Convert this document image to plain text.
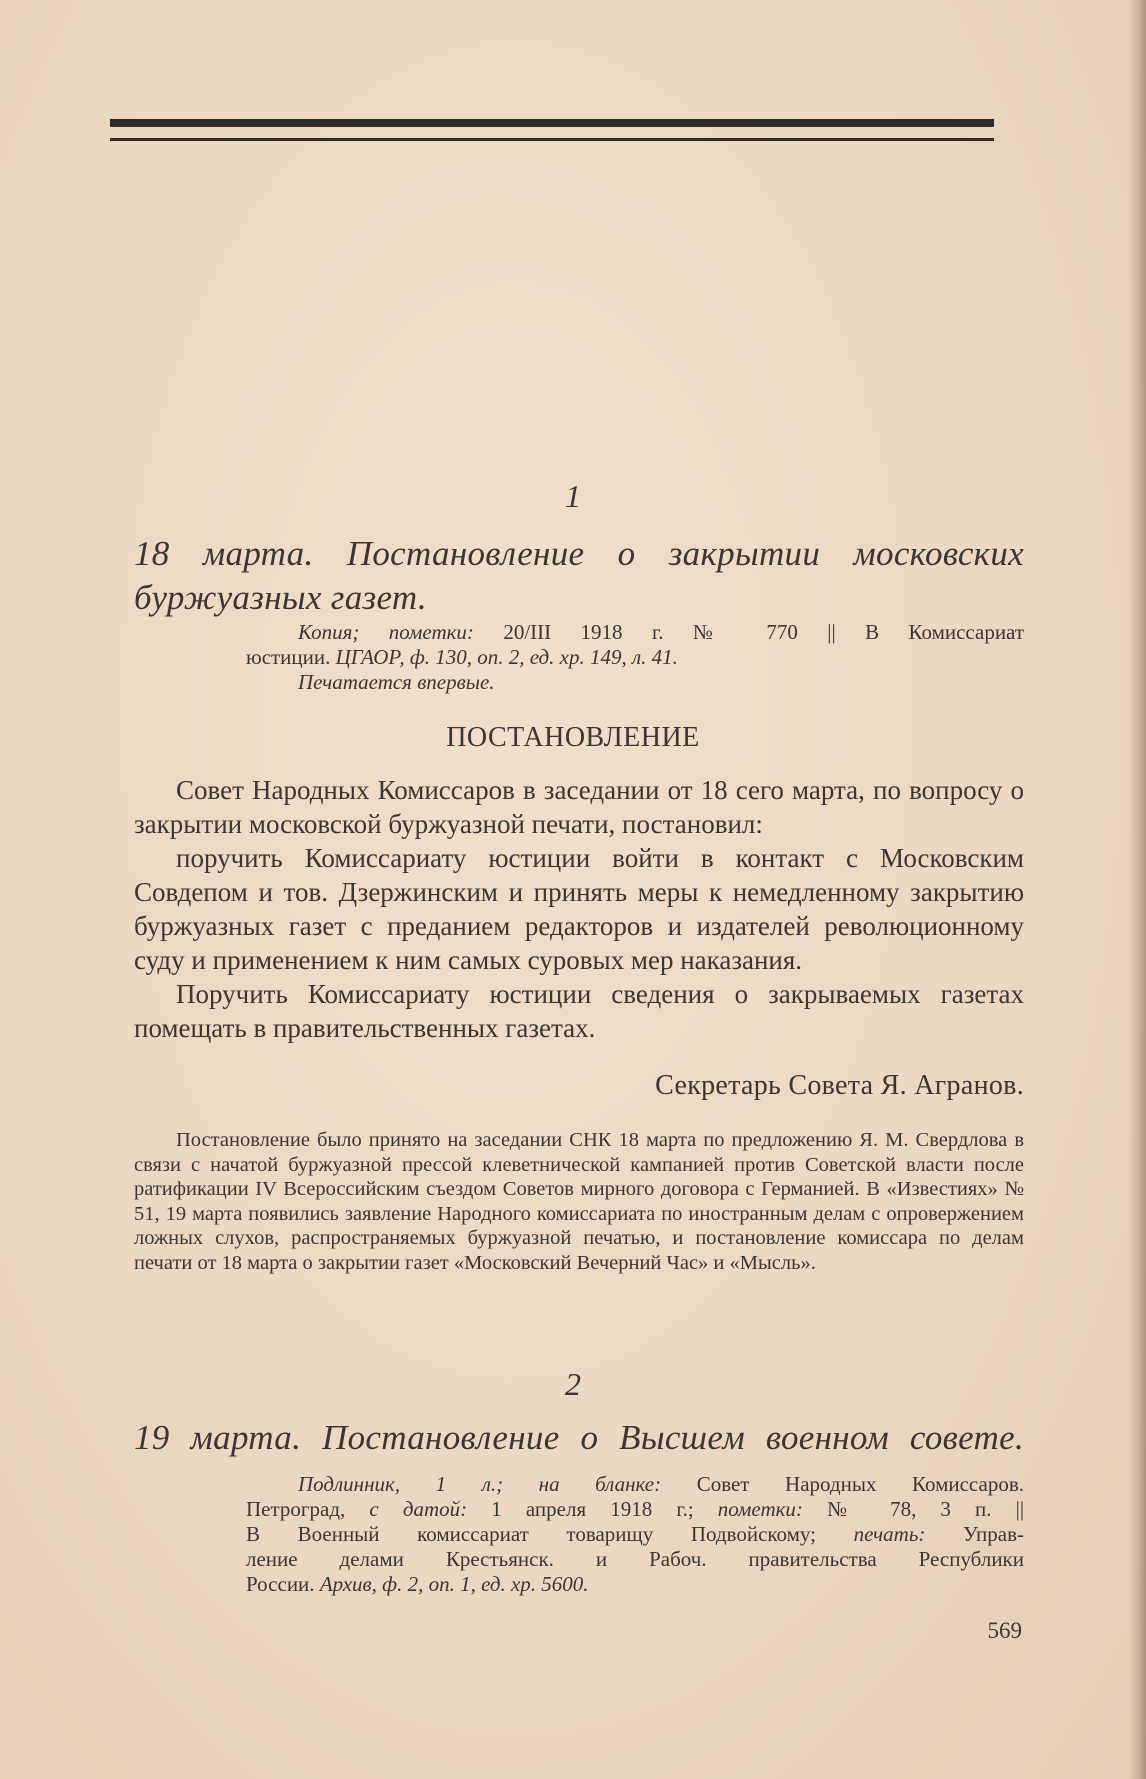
1
18 марта. Постановление о закрытии московских буржуазных газет.
Копия; пометки: 20/III 1918 г. № 770 || В Комиссариат
юстиции. ЦГАОР, ф. 130, оп. 2, ед. хр. 149, л. 41.
Печатается впервые.
ПОСТАНОВЛЕНИЕ

Совет Народных Комиссаров в заседании от 18 сего марта, по вопросу о закрытии московской буржуазной печати, постановил:

поручить Комиссариату юстиции войти в контакт с Московским Совдепом и тов. Дзержинским и принять меры к немедленному закрытию буржуазных газет с преданием редакторов и издателей революционному суду и применением к ним самых суровых мер наказания.

Поручить Комиссариату юстиции сведения о закрываемых газетах помещать в правительственных газетах.

Секретарь Совета Я. Агранов.

Постановление было принято на заседании СНК 18 марта по предложению Я. М. Свердлова в связи с начатой буржуазной прессой клеветнической кампанией против Советской власти после ратификации IV Всероссийским съездом Советов мирного договора с Германией. В «Известиях» № 51, 19 марта появились заявление Народного комиссариата по иностранным делам с опровержением ложных слухов, распространяемых буржуазной печатью, и постановление комиссара по делам печати от 18 марта о закрытии газет «Московский Вечерний Час» и «Мысль».

2
19 марта. Постановление о Высшем военном совете.
Подлинник, 1 л.; на бланке: Совет Народных Комиссаров.
Петроград, с датой: 1 апреля 1918 г.; пометки: № 78, 3 п. ||
В Военный комиссариат товарищу Подвойскому; печать: Управ-
ление делами Крестьянск. и Рабоч. правительства Республики
России. Архив, ф. 2, оп. 1, ед. хр. 5600.
569
